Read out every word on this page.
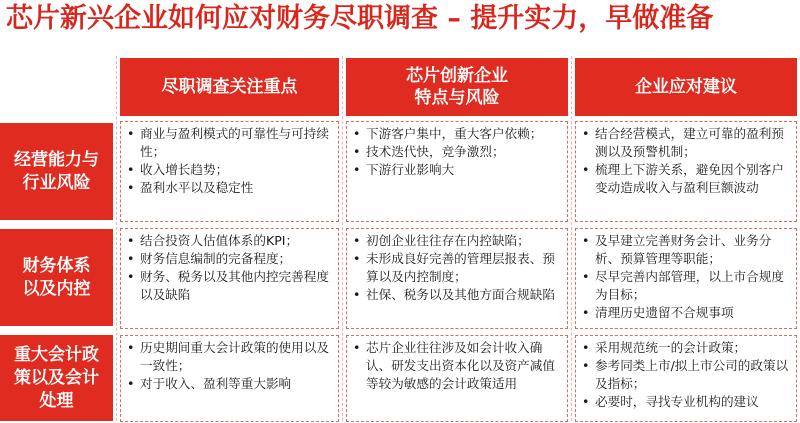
芯片新兴企业如何应对财务尽职调查 – 提升实力，早做准备
尽职调查关注重点
芯片创新企业
特点与风险
企业应对建议
经营能力与
行业风险
财务体系
以及内控
重大会计政
策以及会计
处理
• 商业与盈利模式的可靠性与可持续性；
• 收入增长趋势；
• 盈利水平以及稳定性
• 下游客户集中，重大客户依赖；
• 技术迭代快，竞争激烈；
• 下游行业影响大
• 结合经营模式，建立可靠的盈利预测以及预警机制；
• 梳理上下游关系，避免因个别客户变动造成收入与盈利巨额波动
• 结合投资人估值体系的KPI；
• 财务信息编制的完备程度；
• 财务、税务以及其他内控完善程度以及缺陷
• 初创企业往往存在内控缺陷；
• 未形成良好完善的管理层报表、预算以及内控制度；
• 社保、税务以及其他方面合规缺陷
• 及早建立完善财务会计、业务分析、预算管理等职能；
• 尽早完善内部管理，以上市合规度为目标；
• 清理历史遗留不合规事项
• 历史期间重大会计政策的使用以及一致性；
• 对于收入、盈利等重大影响
• 芯片企业往往涉及如会计收入确认、研发支出资本化以及资产减值等较为敏感的会计政策适用
• 采用规范统一的会计政策；
• 参考同类上市/拟上市公司的政策以及指标；
• 必要时，寻找专业机构的建议
